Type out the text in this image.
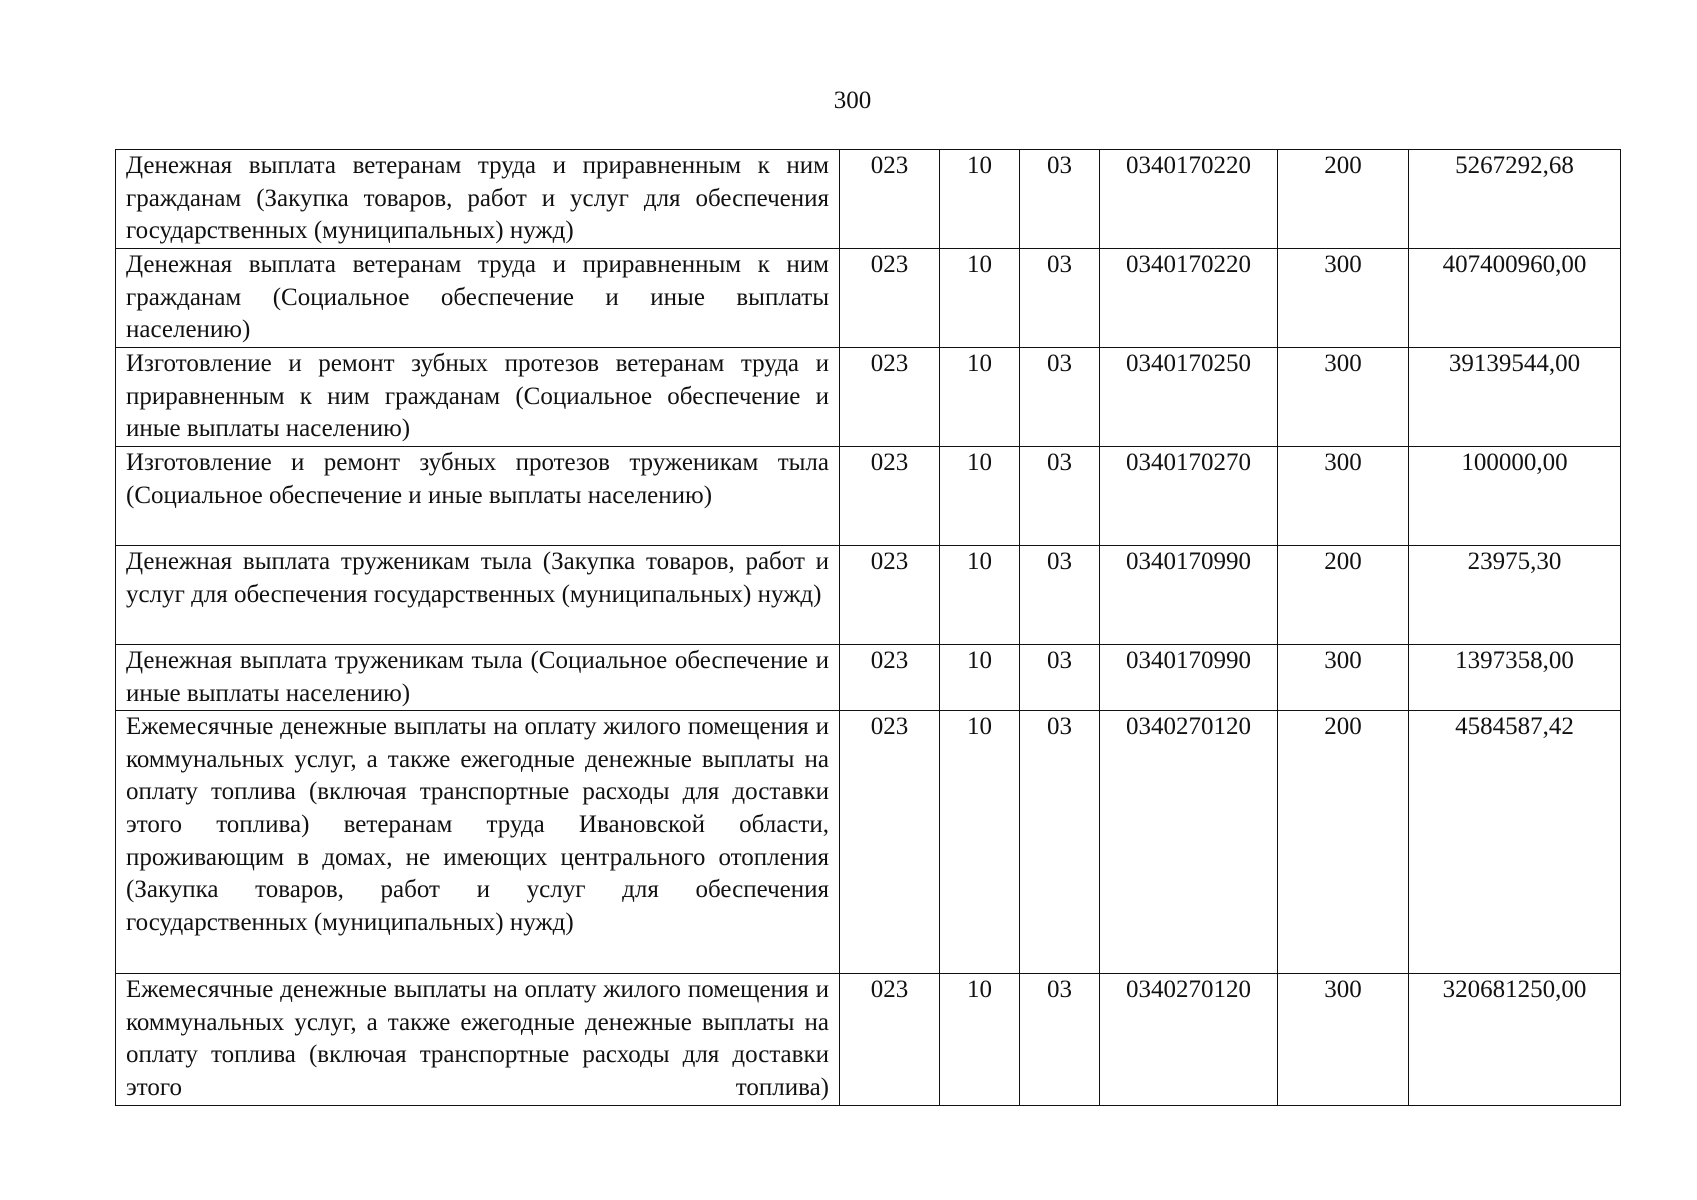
300
Денежная выплата ветеранам труда и приравненным к ним гражданам (Закупка товаров, работ и услуг для обеспечения государственных (муниципальных) нужд)	023	10	03	0340170220	200	5267292,68
Денежная выплата ветеранам труда и приравненным к ним гражданам (Социальное обеспечение и иные выплаты населению)	023	10	03	0340170220	300	407400960,00
Изготовление и ремонт зубных протезов ветеранам труда и приравненным к ним гражданам (Социальное обеспечение и иные выплаты населению)	023	10	03	0340170250	300	39139544,00
Изготовление и ремонт зубных протезов труженикам тыла (Социальное обеспечение и иные выплаты населению)	023	10	03	0340170270	300	100000,00
Денежная выплата труженикам тыла (Закупка товаров, работ и услуг для обеспечения государственных (муниципальных) нужд)	023	10	03	0340170990	200	23975,30
Денежная выплата труженикам тыла (Социальное обеспечение и иные выплаты населению)	023	10	03	0340170990	300	1397358,00
Ежемесячные денежные выплаты на оплату жилого помещения и коммунальных услуг, а также ежегодные денежные выплаты на оплату топлива (включая транспортные расходы для доставки этого топлива) ветеранам труда Ивановской области, проживающим в домах, не имеющих центрального отопления (Закупка товаров, работ и услуг для обеспечения государственных (муниципальных) нужд)	023	10	03	0340270120	200	4584587,42
Ежемесячные денежные выплаты на оплату жилого помещения и коммунальных услуг, а также ежегодные денежные выплаты на оплату топлива (включая транспортные расходы для доставки этого топлива)	023	10	03	0340270120	300	320681250,00
